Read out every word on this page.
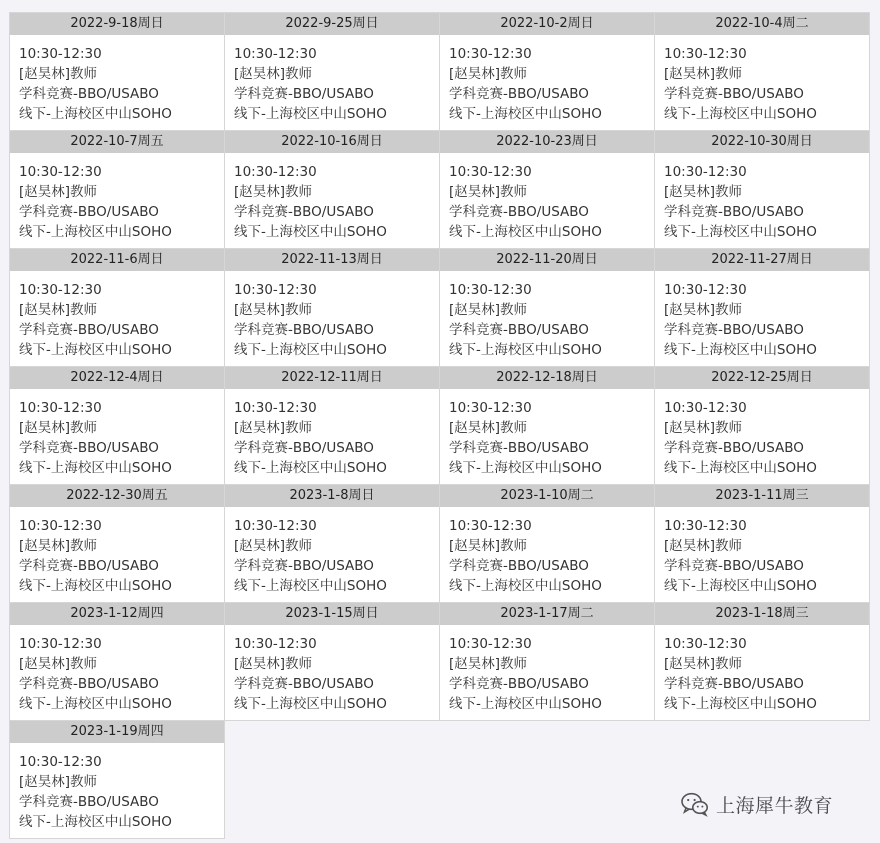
2022-9-18周日
10:30-12:30
[赵昊林]教师
学科竞赛-BBO/USABO
线下-上海校区中山SOHO
2022-9-25周日
10:30-12:30
[赵昊林]教师
学科竞赛-BBO/USABO
线下-上海校区中山SOHO
2022-10-2周日
10:30-12:30
[赵昊林]教师
学科竞赛-BBO/USABO
线下-上海校区中山SOHO
2022-10-4周二
10:30-12:30
[赵昊林]教师
学科竞赛-BBO/USABO
线下-上海校区中山SOHO
2022-10-7周五
10:30-12:30
[赵昊林]教师
学科竞赛-BBO/USABO
线下-上海校区中山SOHO
2022-10-16周日
10:30-12:30
[赵昊林]教师
学科竞赛-BBO/USABO
线下-上海校区中山SOHO
2022-10-23周日
10:30-12:30
[赵昊林]教师
学科竞赛-BBO/USABO
线下-上海校区中山SOHO
2022-10-30周日
10:30-12:30
[赵昊林]教师
学科竞赛-BBO/USABO
线下-上海校区中山SOHO
2022-11-6周日
10:30-12:30
[赵昊林]教师
学科竞赛-BBO/USABO
线下-上海校区中山SOHO
2022-11-13周日
10:30-12:30
[赵昊林]教师
学科竞赛-BBO/USABO
线下-上海校区中山SOHO
2022-11-20周日
10:30-12:30
[赵昊林]教师
学科竞赛-BBO/USABO
线下-上海校区中山SOHO
2022-11-27周日
10:30-12:30
[赵昊林]教师
学科竞赛-BBO/USABO
线下-上海校区中山SOHO
2022-12-4周日
10:30-12:30
[赵昊林]教师
学科竞赛-BBO/USABO
线下-上海校区中山SOHO
2022-12-11周日
10:30-12:30
[赵昊林]教师
学科竞赛-BBO/USABO
线下-上海校区中山SOHO
2022-12-18周日
10:30-12:30
[赵昊林]教师
学科竞赛-BBO/USABO
线下-上海校区中山SOHO
2022-12-25周日
10:30-12:30
[赵昊林]教师
学科竞赛-BBO/USABO
线下-上海校区中山SOHO
2022-12-30周五
10:30-12:30
[赵昊林]教师
学科竞赛-BBO/USABO
线下-上海校区中山SOHO
2023-1-8周日
10:30-12:30
[赵昊林]教师
学科竞赛-BBO/USABO
线下-上海校区中山SOHO
2023-1-10周二
10:30-12:30
[赵昊林]教师
学科竞赛-BBO/USABO
线下-上海校区中山SOHO
2023-1-11周三
10:30-12:30
[赵昊林]教师
学科竞赛-BBO/USABO
线下-上海校区中山SOHO
2023-1-12周四
10:30-12:30
[赵昊林]教师
学科竞赛-BBO/USABO
线下-上海校区中山SOHO
2023-1-15周日
10:30-12:30
[赵昊林]教师
学科竞赛-BBO/USABO
线下-上海校区中山SOHO
2023-1-17周二
10:30-12:30
[赵昊林]教师
学科竞赛-BBO/USABO
线下-上海校区中山SOHO
2023-1-18周三
10:30-12:30
[赵昊林]教师
学科竞赛-BBO/USABO
线下-上海校区中山SOHO
2023-1-19周四
10:30-12:30
[赵昊林]教师
学科竞赛-BBO/USABO
线下-上海校区中山SOHO
上海犀牛教育
